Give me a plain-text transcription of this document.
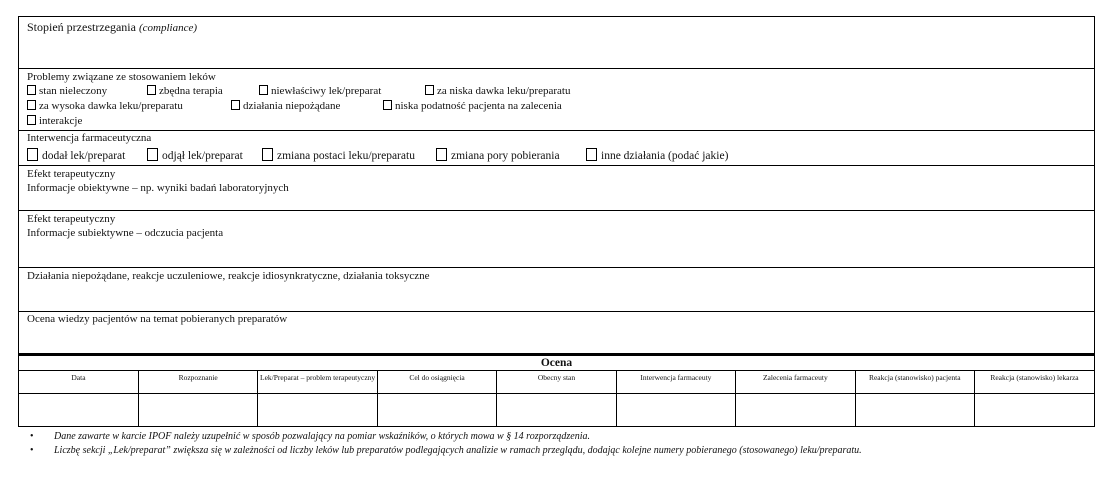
Stopień przestrzegania (compliance)
Problemy związane ze stosowaniem leków
stan nieleczony	zbędna terapia	niewłaściwy lek/preparat	za niska dawka leku/preparatu
za wysoka dawka leku/preparatu	działania niepożądane	niska podatność pacjenta na zalecenia
interakcje
Interwencja farmaceutyczna
dodał lek/preparat	odjął lek/preparat	zmiana postaci leku/preparatu	zmiana pory pobierania	inne działania (podać jakie)
Efekt terapeutyczny
Informacje obiektywne – np. wyniki badań laboratoryjnych
Efekt terapeutyczny
Informacje subiektywne – odczucia pacjenta
Działania niepożądane, reakcje uczuleniowe, reakcje idiosynkratyczne, działania toksyczne
Ocena wiedzy pacjentów na temat pobieranych preparatów
Ocena
Data	Rozpoznanie	Lek/Preparat – problem terapeutyczny	Cel do osiągnięcia	Obecny stan	Interwencja farmaceuty	Zalecenia farmaceuty	Reakcja (stanowisko) pacjenta	Reakcja (stanowisko) lekarza

• Dane zawarte w karcie IPOF należy uzupełnić w sposób pozwalający na pomiar wskaźników, o których mowa w § 14 rozporządzenia.
• Liczbę sekcji „Lek/preparat” zwiększa się w zależności od liczby leków lub preparatów podlegających analizie w ramach przeglądu, dodając kolejne numery pobieranego (stosowanego) leku/preparatu.
